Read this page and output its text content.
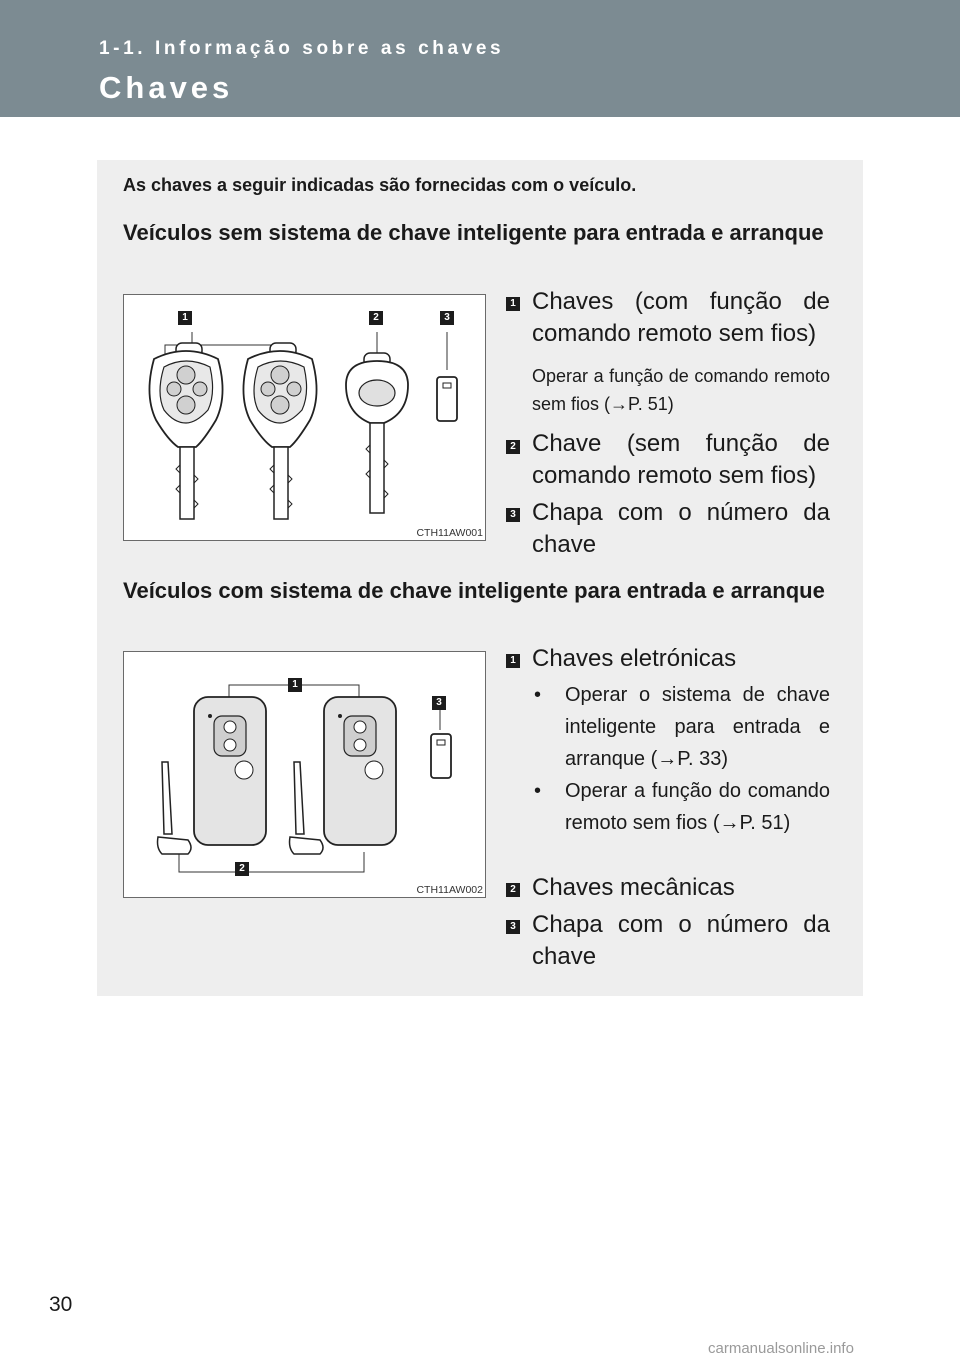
1-1. Informação sobre as chaves
Chaves
As chaves a seguir indicadas são fornecidas com o veículo.
Veículos sem sistema de chave inteligente para entrada e arranque
1	2	3
CTH11AW001
1 Chaves (com função de comando remoto sem fios)
Operar a função de comando remoto sem fios (→P. 51)
2 Chave (sem função de comando remoto sem fios)
3 Chapa com o número da chave
Veículos com sistema de chave inteligente para entrada e arranque
1
2
3
CTH11AW002
1 Chaves eletrónicas
• Operar o sistema de chave inteligente para entrada e arranque (→P. 33)
• Operar a função do comando remoto sem fios (→P. 51)
2 Chaves mecânicas
3 Chapa com o número da chave
30
carmanualsonline.info
